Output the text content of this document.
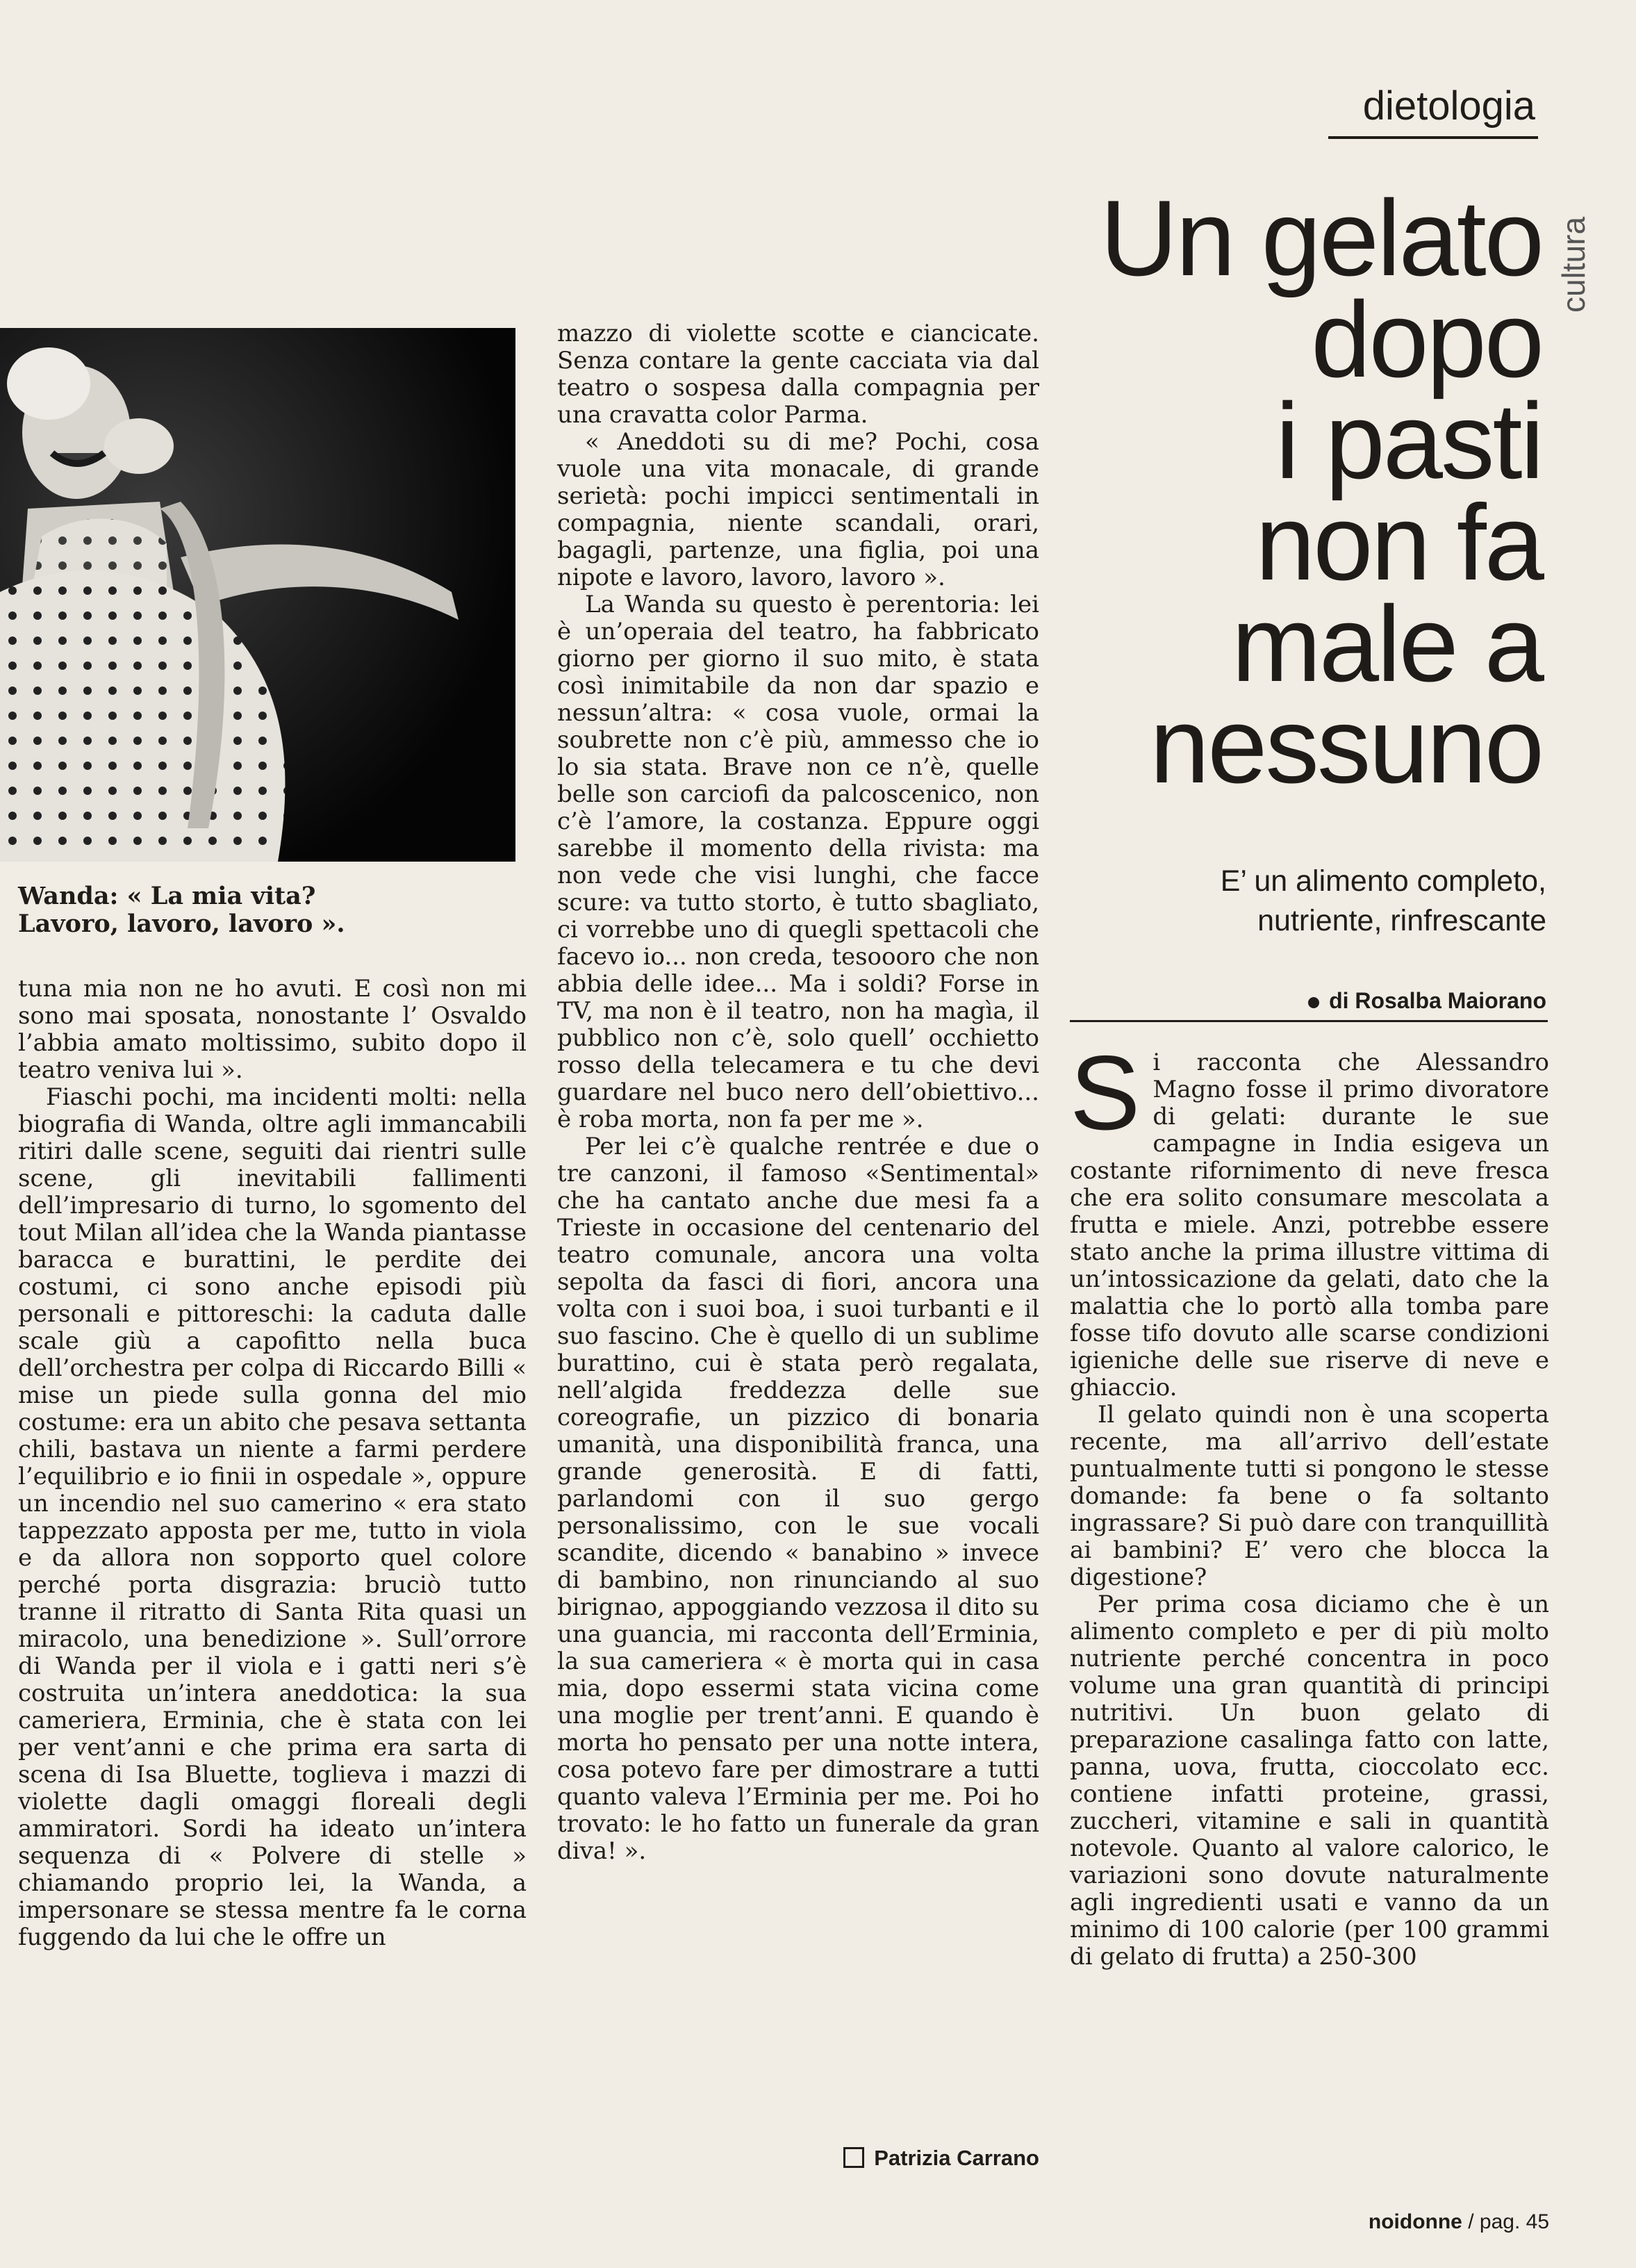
dietologia
cultura
Un gelato
dopo
i pasti
non fa
male a
nessuno
E’ un alimento completo,
nutriente, rinfrescante
di Rosalba Maiorano
Wanda: « La mia vita?
Lavoro, lavoro, lavoro ».

tuna mia non ne ho avuti. E così non mi sono mai sposata, nonostante l’ Osvaldo l’abbia amato moltissimo, subito dopo il teatro veniva lui ».

Fiaschi pochi, ma incidenti molti: nella biografia di Wanda, oltre agli immancabili ritiri dalle scene, seguiti dai rientri sulle scene, gli inevitabili fallimenti dell’impresario di turno, lo sgomento del tout Milan all’idea che la Wanda piantasse baracca e burattini, le perdite dei costumi, ci sono anche episodi più personali e pittoreschi: la caduta dalle scale giù a capofitto nella buca dell’orchestra per colpa di Riccardo Billi « mise un piede sulla gonna del mio costume: era un abito che pesava settanta chili, bastava un niente a farmi perdere l’equilibrio e io finii in ospedale », oppure un incendio nel suo camerino « era stato tappezzato apposta per me, tutto in viola e da allora non sopporto quel colore perché porta disgrazia: bruciò tutto tranne il ritratto di Santa Rita quasi un miracolo, una benedizione ». Sull’orrore di Wanda per il viola e i gatti neri s’è costruita un’intera aneddotica: la sua cameriera, Erminia, che è stata con lei per vent’anni e che prima era sarta di scena di Isa Bluette, toglieva i mazzi di violette dagli omaggi floreali degli ammiratori. Sordi ha ideato un’intera sequenza di « Polvere di stelle » chiamando proprio lei, la Wanda, a impersonare se stessa mentre fa le corna fuggendo da lui che le offre un

mazzo di violette scotte e ciancicate. Senza contare la gente cacciata via dal teatro o sospesa dalla compagnia per una cravatta color Parma.

« Aneddoti su di me? Pochi, cosa vuole una vita monacale, di grande serietà: pochi impicci sentimentali in compagnia, niente scandali, orari, bagagli, partenze, una figlia, poi una nipote e lavoro, lavoro, lavoro ».

La Wanda su questo è perentoria: lei è un’operaia del teatro, ha fabbricato giorno per giorno il suo mito, è stata così inimitabile da non dar spazio e nessun’altra: « cosa vuole, ormai la soubrette non c’è più, ammesso che io lo sia stata. Brave non ce n’è, quelle belle son carciofi da palcoscenico, non c’è l’amore, la costanza. Eppure oggi sarebbe il momento della rivista: ma non vede che visi lunghi, che facce scure: va tutto storto, è tutto sbagliato, ci vorrebbe uno di quegli spettacoli che facevo io... non creda, tesoooro che non abbia delle idee... Ma i soldi? Forse in TV, ma non è il teatro, non ha magìa, il pubblico non c’è, solo quell’ occhietto rosso della telecamera e tu che devi guardare nel buco nero dell’obiettivo... è roba morta, non fa per me ».

Per lei c’è qualche rentrée e due o tre canzoni, il famoso «Sentimental» che ha cantato anche due mesi fa a Trieste in occasione del centenario del teatro comunale, ancora una volta sepolta da fasci di fiori, ancora una volta con i suoi boa, i suoi turbanti e il suo fascino. Che è quello di un sublime burattino, cui è stata però regalata, nell’algida freddezza delle sue coreografie, un pizzico di bonaria umanità, una disponibilità franca, una grande generosità. E di fatti, parlandomi con il suo gergo personalissimo, con le sue vocali scandite, dicendo « banabino » invece di bambino, non rinunciando al suo birignao, appoggiando vezzosa il dito su una guancia, mi racconta dell’Erminia, la sua cameriera « è morta qui in casa mia, dopo essermi stata vicina come una moglie per trent’anni. E quando è morta ho pensato per una notte intera, cosa potevo fare per dimostrare a tutti quanto valeva l’Erminia per me. Poi ho trovato: le ho fatto un funerale da gran diva! ».

Patrizia Carrano

Si racconta che Alessandro Magno fosse il primo divoratore di gelati: durante le sue campagne in India esigeva un costante rifornimento di neve fresca che era solito consumare mescolata a frutta e miele. Anzi, potrebbe essere stato anche la prima illustre vittima di un’intossicazione da gelati, dato che la malattia che lo portò alla tomba pare fosse tifo dovuto alle scarse condizioni igieniche delle sue riserve di neve e ghiaccio.

Il gelato quindi non è una scoperta recente, ma all’arrivo dell’estate puntualmente tutti si pongono le stesse domande: fa bene o fa soltanto ingrassare? Si può dare con tranquillità ai bambini? E’ vero che blocca la digestione?

Per prima cosa diciamo che è un alimento completo e per di più molto nutriente perché concentra in poco volume una gran quantità di principi nutritivi. Un buon gelato di preparazione casalinga fatto con latte, panna, uova, frutta, cioccolato ecc. contiene infatti proteine, grassi, zuccheri, vitamine e sali in quantità notevole. Quanto al valore calorico, le variazioni sono dovute naturalmente agli ingredienti usati e vanno da un minimo di 100 calorie (per 100 grammi di gelato di frutta) a 250-300

noidonne / pag. 45
